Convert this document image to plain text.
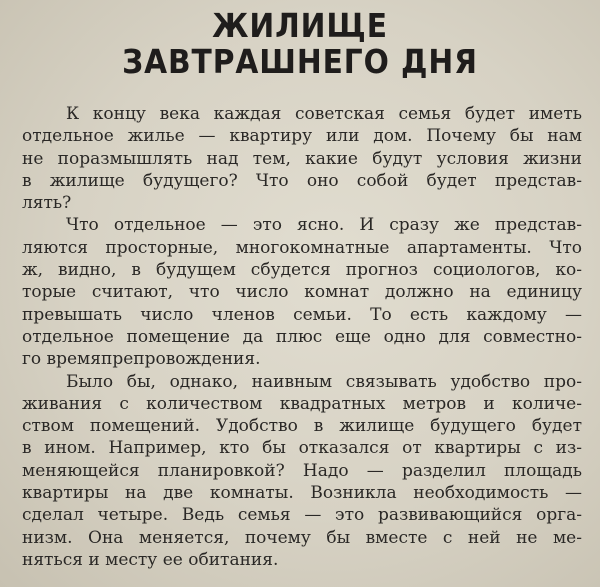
ЖИЛИЩЕ
ЗАВТРАШНЕГО ДНЯ

К концу века каждая советская семья будет иметь
отдельное жилье — квартиру или дом. Почему бы нам
не поразмышлять над тем, какие будут условия жизни
в жилище будущего? Что оно собой будет представ-
лять?

Что отдельное — это ясно. И сразу же представ-
ляются просторные, многокомнатные апартаменты. Что
ж, видно, в будущем сбудется прогноз социологов, ко-
торые считают, что число комнат должно на единицу
превышать число членов семьи. То есть каждому —
отдельное помещение да плюс еще одно для совместно-
го времяпрепровождения.

Было бы, однако, наивным связывать удобство про-
живания с количеством квадратных метров и количе-
ством помещений. Удобство в жилище будущего будет
в ином. Например, кто бы отказался от квартиры с из-
меняющейся планировкой? Надо — разделил площадь
квартиры на две комнаты. Возникла необходимость —
сделал четыре. Ведь семья — это развивающийся орга-
низм. Она меняется, почему бы вместе с ней не ме-
няться и месту ее обитания.
